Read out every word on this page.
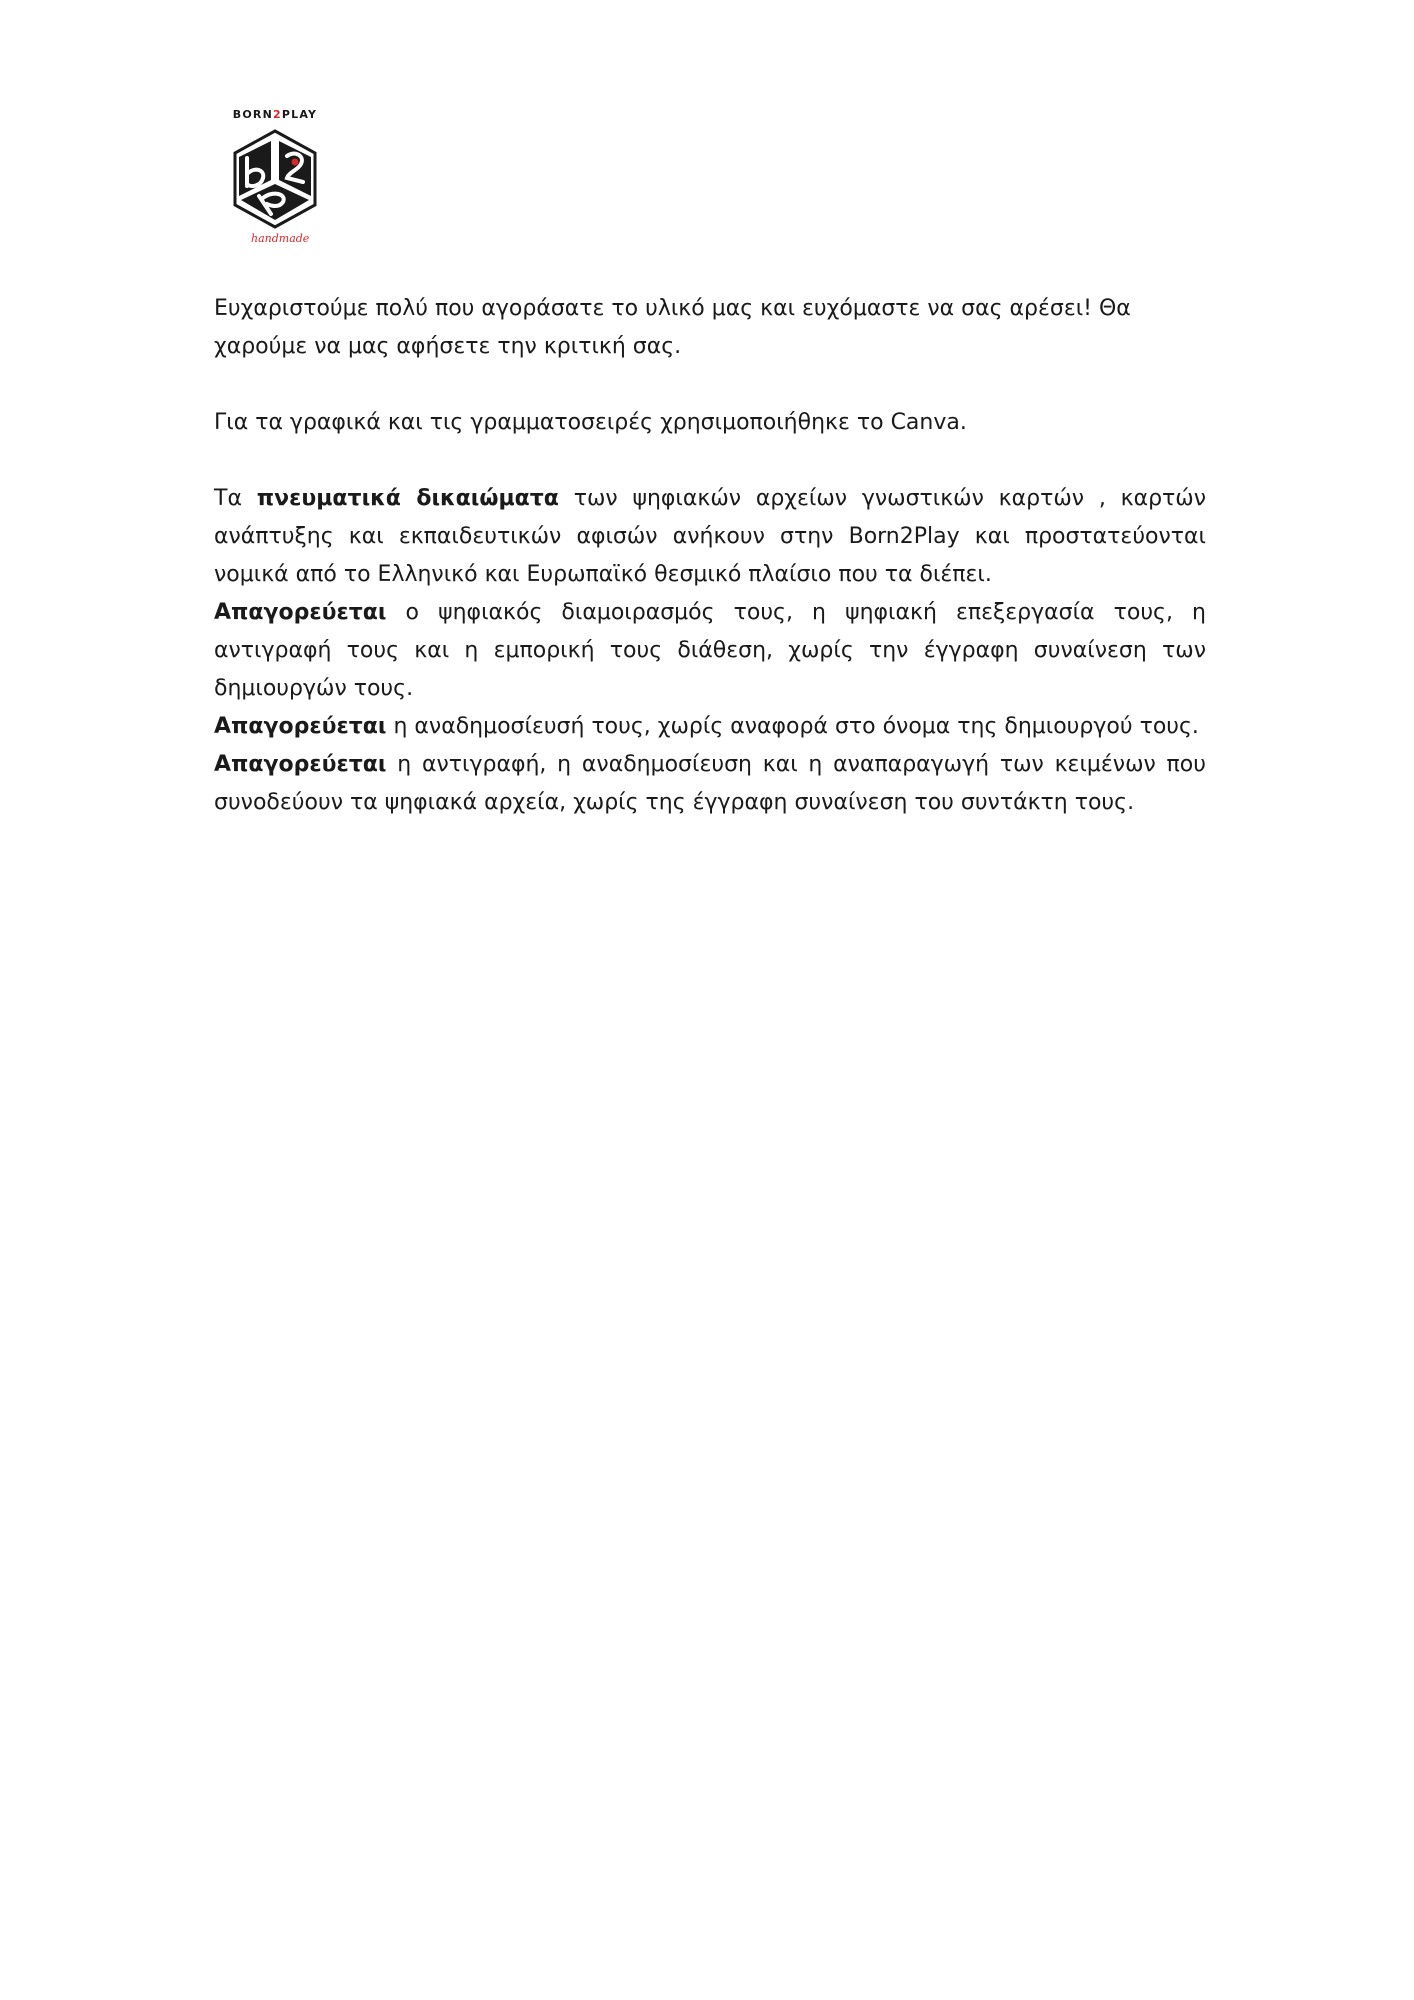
BORN2PLAY
handmade

Ευχαριστούμε πολύ που αγοράσατε το υλικό μας και ευχόμαστε να σας αρέσει! Θα χαρούμε να μας αφήσετε την κριτική σας.

Για τα γραφικά και τις γραμματοσειρές χρησιμοποιήθηκε το Canva.

Τα πνευματικά δικαιώματα των ψηφιακών αρχείων γνωστικών καρτών , καρτών ανάπτυξης και εκπαιδευτικών αφισών ανήκουν στην Born2Play και προστατεύονται νομικά από το Ελληνικό και Ευρωπαϊκό θεσμικό πλαίσιο που τα διέπει.

Απαγορεύεται ο ψηφιακός διαμοιρασμός τους, η ψηφιακή επεξεργασία τους, η αντιγραφή τους και η εμπορική τους διάθεση, χωρίς την έγγραφη συναίνεση των δημιουργών τους.

Απαγορεύεται η αναδημοσίευσή τους, χωρίς αναφορά στο όνομα της δημιουργού τους.

Απαγορεύεται η αντιγραφή, η αναδημοσίευση και η αναπαραγωγή των κειμένων που συνοδεύουν τα ψηφιακά αρχεία, χωρίς της έγγραφη συναίνεση του συντάκτη τους.
